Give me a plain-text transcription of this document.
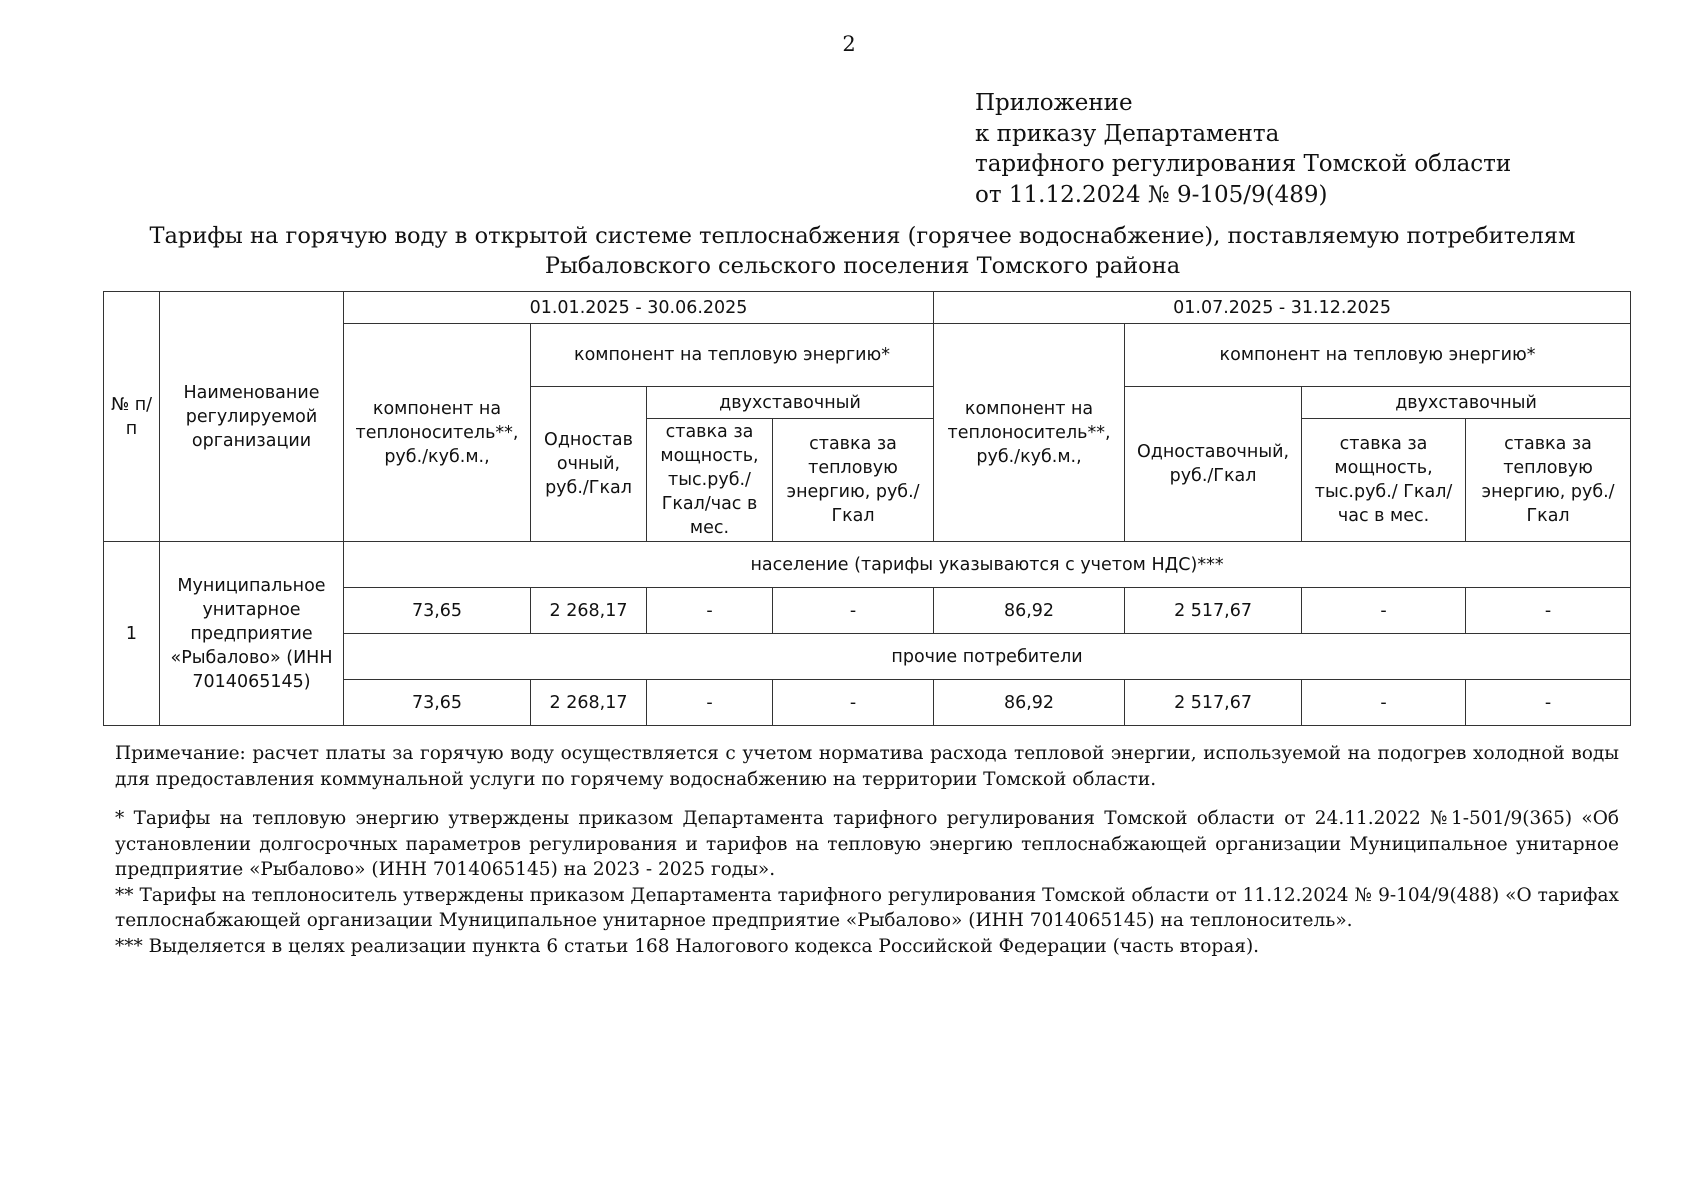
2
Приложение
к приказу Департамента
тарифного регулирования Томской области
от 11.12.2024 № 9-105/9(489)
Тарифы на горячую воду в открытой системе теплоснабжения (горячее водоснабжение), поставляемую потребителям Рыбаловского сельского поселения Томского района
№ п/п	Наименование регулируемой организации	01.01.2025 - 30.06.2025				01.07.2025 - 31.12.2025			
		компонент на теплоноситель**, руб./куб.м.,	компонент на тепловую энергию*			компонент на теплоноситель**, руб./куб.м.,	компонент на тепловую энергию*		
			Одностав очный, руб./Гкал	двухставочный			Одноставочный, руб./Гкал	двухставочный	
				ставка за мощность, тыс.руб./ Гкал/час в мес.	ставка за тепловую энергию, руб./Гкал			ставка за мощность, тыс.руб./ Гкал/час в мес.	ставка за тепловую энергию, руб./Гкал
1	Муниципальное унитарное предприятие «Рыбалово» (ИНН 7014065145)	население (тарифы указываются с учетом НДС)***							
		73,65	2 268,17	-	-	86,92	2 517,67	-	-
		прочие потребители							
		73,65	2 268,17	-	-	86,92	2 517,67	-	-
Примечание: расчет платы за горячую воду осуществляется с учетом норматива расхода тепловой энергии, используемой на подогрев холодной воды для предоставления коммунальной услуги по горячему водоснабжению на территории Томской области.

* Тарифы на тепловую энергию утверждены приказом Департамента тарифного регулирования Томской области от 24.11.2022 №1-501/9(365) «Об установлении долгосрочных параметров регулирования и тарифов на тепловую энергию теплоснабжающей организации Муниципальное унитарное предприятие «Рыбалово» (ИНН 7014065145) на 2023 - 2025 годы».

** Тарифы на теплоноситель утверждены приказом Департамента тарифного регулирования Томской области от 11.12.2024 № 9-104/9(488) «О тарифах теплоснабжающей организации Муниципальное унитарное предприятие «Рыбалово» (ИНН 7014065145) на теплоноситель».

*** Выделяется в целях реализации пункта 6 статьи 168 Налогового кодекса Российской Федерации (часть вторая).
